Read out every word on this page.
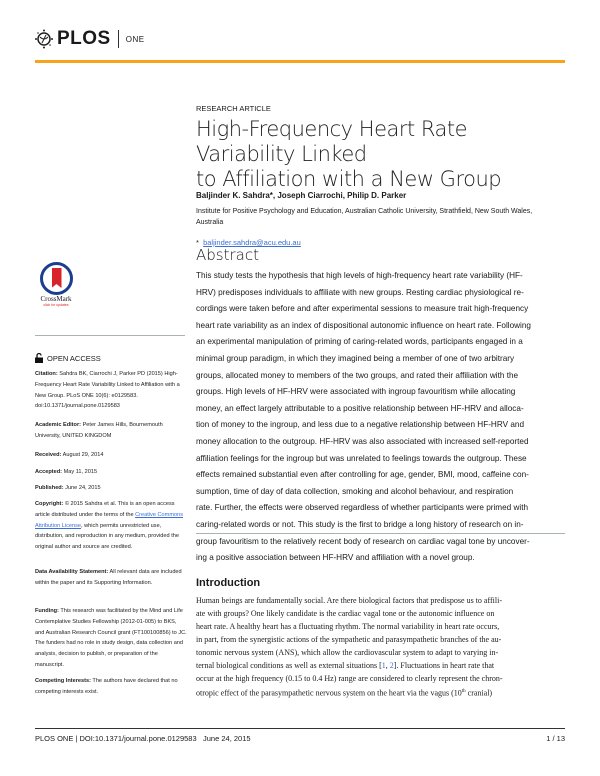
PLOS ONE
RESEARCH ARTICLE
High-Frequency Heart Rate Variability Linked
to Affiliation with a New Group
Baljinder K. Sahdra*, Joseph Ciarrochi, Philip D. Parker
Institute for Positive Psychology and Education, Australian Catholic University, Strathfield, New South Wales,
Australia
* baljinder.sahdra@acu.edu.au
Abstract
This study tests the hypothesis that high levels of high-frequency heart rate variability (HF-
HRV) predisposes individuals to affiliate with new groups. Resting cardiac physiological re-
cordings were taken before and after experimental sessions to measure trait high-frequency
heart rate variability as an index of dispositional autonomic influence on heart rate. Following
an experimental manipulation of priming of caring-related words, participants engaged in a
minimal group paradigm, in which they imagined being a member of one of two arbitrary
groups, allocated money to members of the two groups, and rated their affiliation with the
groups. High levels of HF-HRV were associated with ingroup favouritism while allocating
money, an effect largely attributable to a positive relationship between HF-HRV and alloca-
tion of money to the ingroup, and less due to a negative relationship between HF-HRV and
money allocation to the outgroup. HF-HRV was also associated with increased self-reported
affiliation feelings for the ingroup but was unrelated to feelings towards the outgroup. These
effects remained substantial even after controlling for age, gender, BMI, mood, caffeine con-
sumption, time of day of data collection, smoking and alcohol behaviour, and respiration
rate. Further, the effects were observed regardless of whether participants were primed with
caring-related words or not. This study is the first to bridge a long history of research on in-
group favouritism to the relatively recent body of research on cardiac vagal tone by uncover-
ing a positive association between HF-HRV and affiliation with a novel group.
Introduction
Human beings are fundamentally social. Are there biological factors that predispose us to affili-
ate with groups? One likely candidate is the cardiac vagal tone or the autonomic influence on
heart rate. A healthy heart has a fluctuating rhythm. The normal variability in heart rate occurs,
in part, from the synergistic actions of the sympathetic and parasympathetic branches of the au-
tonomic nervous system (ANS), which allow the cardiovascular system to adapt to varying in-
ternal biological conditions as well as external situations [1, 2]. Fluctuations in heart rate that
occur at the high frequency (0.15 to 0.4 Hz) range are considered to clearly represent the chron-
otropic effect of the parasympathetic nervous system on the heart via the vagus (10th cranial)
CrossMark
click for updates
OPEN ACCESS
Citation: Sahdra BK, Ciarrochi J, Parker PD (2015) High-Frequency Heart Rate Variability Linked to Affiliation with a New Group. PLoS ONE 10(6): e0129583. doi:10.1371/journal.pone.0129583
Academic Editor: Peter James Hills, Bournemouth University, UNITED KINGDOM
Received: August 29, 2014
Accepted: May 11, 2015
Published: June 24, 2015
Copyright: © 2015 Sahdra et al. This is an open access article distributed under the terms of the Creative Commons Attribution License, which permits unrestricted use, distribution, and reproduction in any medium, provided the original author and source are credited.
Data Availability Statement: All relevant data are included within the paper and its Supporting Information.
Funding: This research was facilitated by the Mind and Life Contemplative Studies Fellowship (2012-01-005) to BKS, and Australian Research Council grant (FT100100856) to JC. The funders had no role in study design, data collection and analysis, decision to publish, or preparation of the manuscript.
Competing Interests: The authors have declared that no competing interests exist.
PLOS ONE | DOI:10.1371/journal.pone.0129583 June 24, 2015	1 / 13
